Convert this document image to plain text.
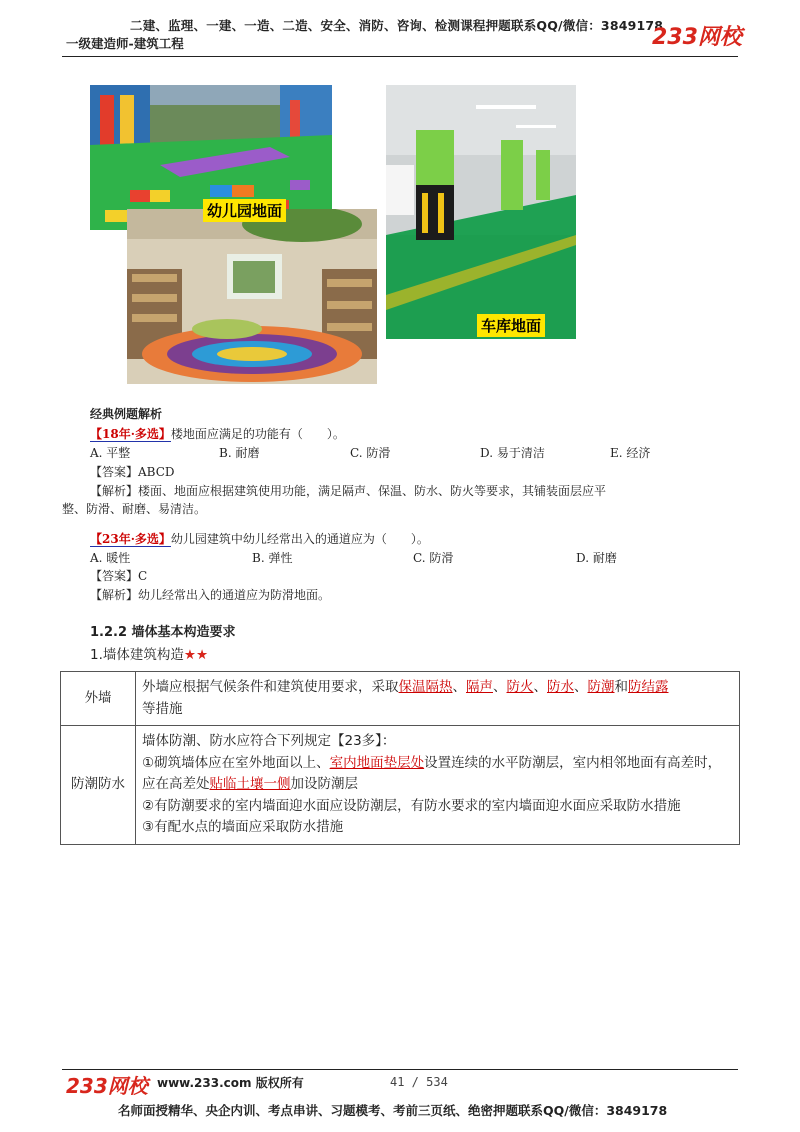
二建、监理、一建、一造、二造、安全、消防、咨询、检测课程押题联系QQ/微信：3849178
一级建造师-建筑工程	233网校
幼儿园地面
车库地面
经典例题解析
【18年·多选】楼地面应满足的功能有（　　）。
A. 平整	B. 耐磨	C. 防滑	D. 易于清洁	E. 经济
【答案】ABCD
【解析】楼面、地面应根据建筑使用功能，满足隔声、保温、防水、防火等要求，其铺装面层应平
整、防滑、耐磨、易清洁。
【23年·多选】幼儿园建筑中幼儿经常出入的通道应为（　　）。
A. 暖性	B. 弹性	C. 防滑	D. 耐磨
【答案】C
【解析】幼儿经常出入的通道应为防滑地面。
1.2.2 墙体基本构造要求
1.墙体建筑构造★★
外墙	外墙应根据气候条件和建筑使用要求，采取保温隔热、隔声、防火、防水、防潮和防结露
等措施
防潮防水	墙体防潮、防水应符合下列规定【23多】：
①砌筑墙体应在室外地面以上、室内地面垫层处设置连续的水平防潮层，室内相邻地面有高差时，应在高差处贴临土壤一侧加设防潮层
②有防潮要求的室内墙面迎水面应设防潮层，有防水要求的室内墙面迎水面应采取防水措施
③有配水点的墙面应采取防水措施
​
233网校 www.233.com 版权所有	41 / 534
名师面授精华、央企内训、考点串讲、习题模考、考前三页纸、绝密押题联系QQ/微信：3849178
